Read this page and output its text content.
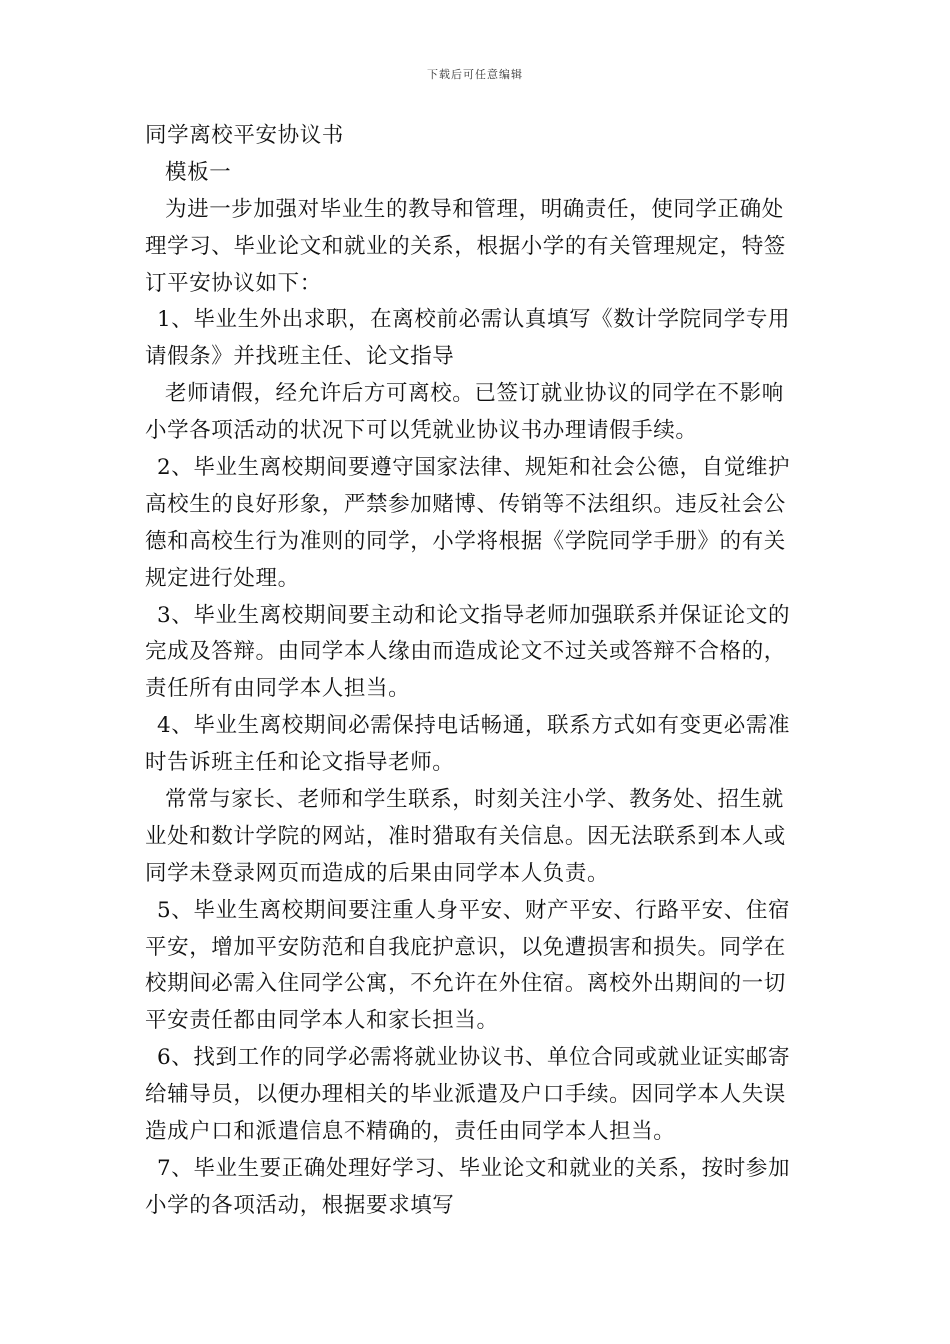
下载后可任意编辑
同学离校平安协议书
模板一
为进一步加强对毕业生的教导和管理，明确责任，使同学正确处
理学习、毕业论文和就业的关系，根据小学的有关管理规定，特签
订平安协议如下：
1、毕业生外出求职，在离校前必需认真填写《数计学院同学专用
请假条》并找班主任、论文指导
老师请假，经允许后方可离校。已签订就业协议的同学在不影响
小学各项活动的状况下可以凭就业协议书办理请假手续。
2、毕业生离校期间要遵守国家法律、规矩和社会公德，自觉维护
高校生的良好形象，严禁参加赌博、传销等不法组织。违反社会公
德和高校生行为准则的同学，小学将根据《学院同学手册》的有关
规定进行处理。
3、毕业生离校期间要主动和论文指导老师加强联系并保证论文的
完成及答辩。由同学本人缘由而造成论文不过关或答辩不合格的，
责任所有由同学本人担当。
4、毕业生离校期间必需保持电话畅通，联系方式如有变更必需准
时告诉班主任和论文指导老师。
常常与家长、老师和学生联系，时刻关注小学、教务处、招生就
业处和数计学院的网站，准时猎取有关信息。因无法联系到本人或
同学未登录网页而造成的后果由同学本人负责。
5、毕业生离校期间要注重人身平安、财产平安、行路平安、住宿
平安，增加平安防范和自我庇护意识，以免遭损害和损失。同学在
校期间必需入住同学公寓，不允许在外住宿。离校外出期间的一切
平安责任都由同学本人和家长担当。
6、找到工作的同学必需将就业协议书、单位合同或就业证实邮寄
给辅导员，以便办理相关的毕业派遣及户口手续。因同学本人失误
造成户口和派遣信息不精确的，责任由同学本人担当。
7、毕业生要正确处理好学习、毕业论文和就业的关系，按时参加
小学的各项活动，根据要求填写
